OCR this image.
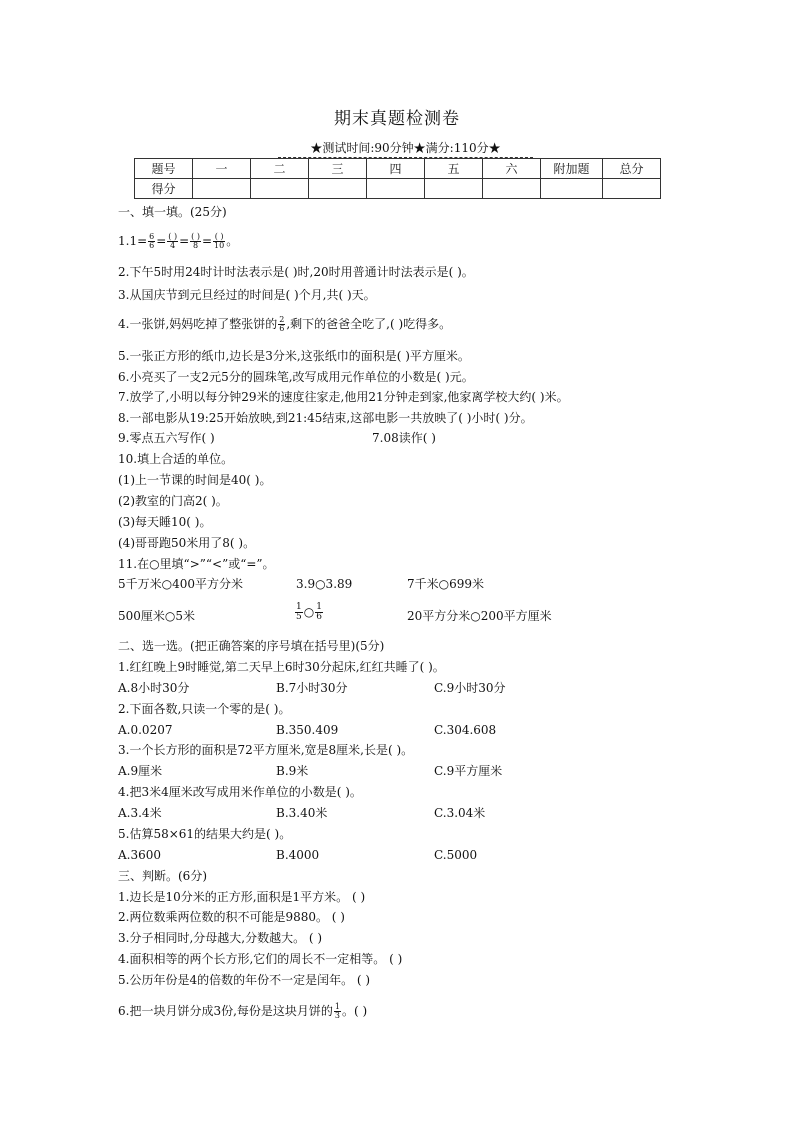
期末真题检测卷
★测试时间:90分钟★满分:110分★
题号	一	二	三	四	五	六	附加题	总分
得分								
一、填一填。(25分)
$1.1= \frac{6}{6} = \frac{( )}{4} = \frac{( )}{8} = \frac{( )}{10}$ 。
2.下午5时用24时计时法表示是( )时,20时用普通计时法表示是( )。
3.从国庆节到元旦经过的时间是( )个月,共( )天。
4.一张饼,妈妈吃掉了整张饼的 $\frac{2}{6}$ ,剩下的爸爸全吃了,( )吃得多。
5.一张正方形的纸巾,边长是3分米,这张纸巾的面积是( )平方厘米。
6.小亮买了一支2元5分的圆珠笔,改写成用元作单位的小数是( )元。
7.放学了,小明以每分钟29米的速度往家走,他用21分钟走到家,他家离学校大约( )米。
8.一部电影从19:25开始放映,到21:45结束,这部电影一共放映了( )小时( )分。
9.零点五六写作( )	7.08读作( )
10.填上合适的单位。
(1)上一节课的时间是40( )。
(2)教室的门高2( )。
(3)每天睡10( )。
(4)哥哥跑50米用了8( )。
11.在○里填“>”“<”或“=”。
5千万米○400平方分米	3.9○3.89	7千米○699米
500厘米○5米	$\frac{1}{5}$ ○ $\frac{1}{6}$	20平方分米○200平方厘米
二、选一选。(把正确答案的序号填在括号里)(5分)
1.红红晚上9时睡觉,第二天早上6时30分起床,红红共睡了( )。
A.8小时30分	B.7小时30分	C.9小时30分
2.下面各数,只读一个零的是( )。
A.0.0207	B.350.409	C.304.608
3.一个长方形的面积是72平方厘米,宽是8厘米,长是( )。
A.9厘米	B.9米	C.9平方厘米
4.把3米4厘米改写成用米作单位的小数是( )。
A.3.4米	B.3.40米	C.3.04米
5.估算58×61的结果大约是( )。
A.3600	B.4000	C.5000
三、判断。(6分)
1.边长是10分米的正方形,面积是1平方米。 ( )
2.两位数乘两位数的积不可能是9880。 ( )
3.分子相同时,分母越大,分数越大。 ( )
4.面积相等的两个长方形,它们的周长不一定相等。 ( )
5.公历年份是4的倍数的年份不一定是闰年。 ( )
6.把一块月饼分成3份,每份是这块月饼的 $\frac{1}{3}$ 。( )
